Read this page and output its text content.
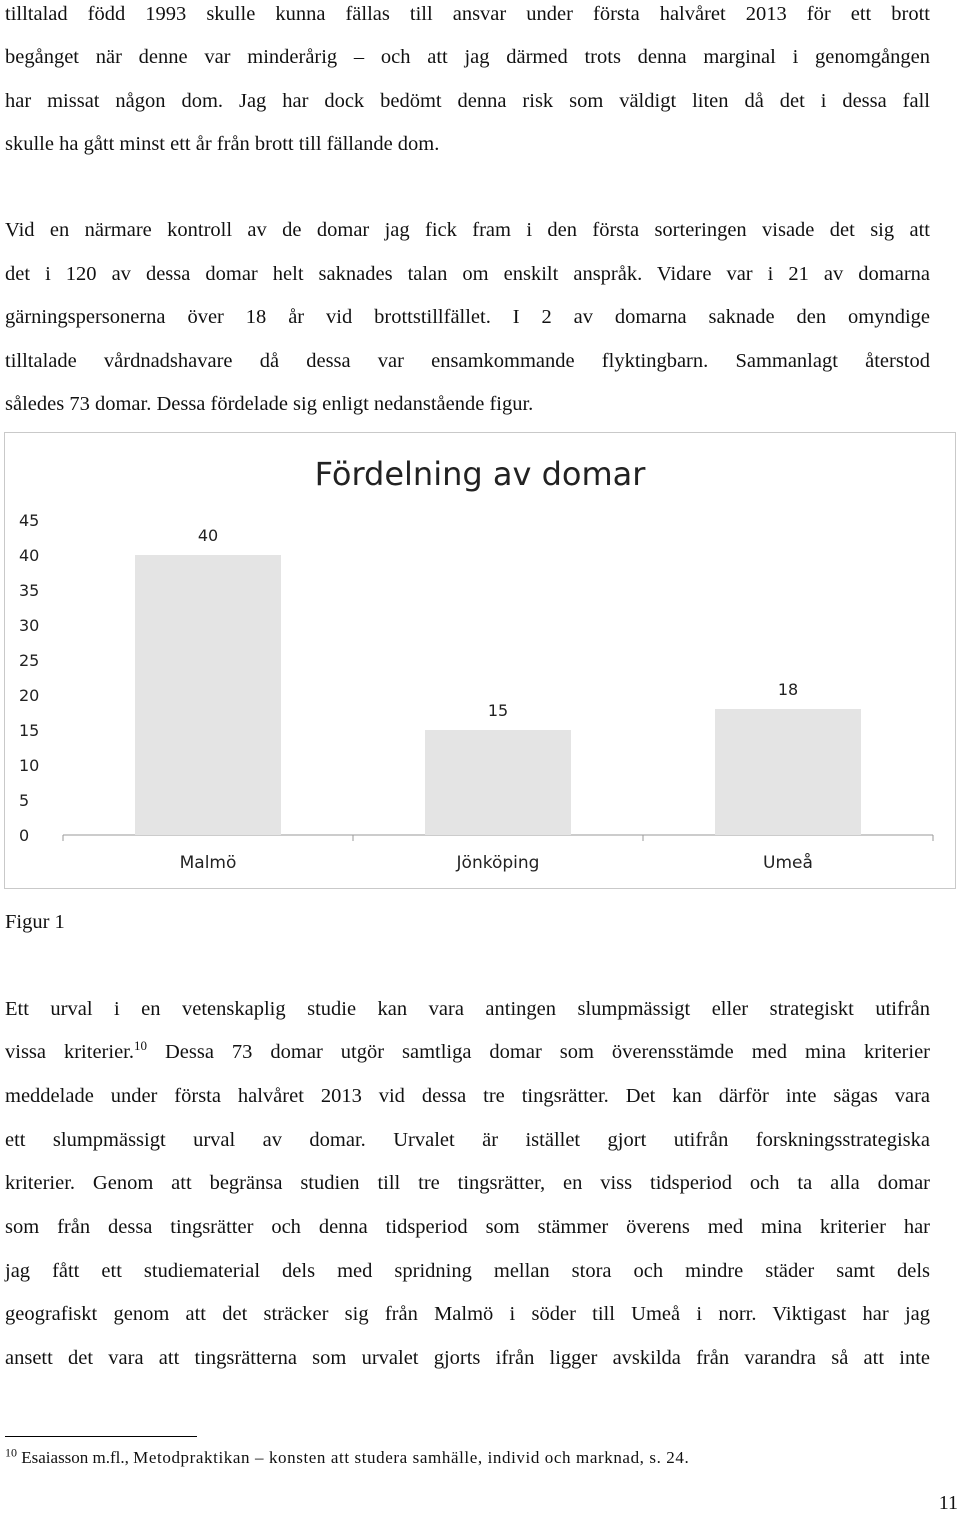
tilltalad född 1993 skulle kunna fällas till ansvar under första halvåret 2013 för ett brott

begånget när denne var minderårig – och att jag därmed trots denna marginal i genomgången

har missat någon dom. Jag har dock bedömt denna risk som väldigt liten då det i dessa fall

skulle ha gått minst ett år från brott till fällande dom.

Vid en närmare kontroll av de domar jag fick fram i den första sorteringen visade det sig att

det i 120 av dessa domar helt saknades talan om enskilt anspråk. Vidare var i 21 av domarna

gärningspersonerna över 18 år vid brottstillfället. I 2 av domarna saknade den omyndige

tilltalade vårdnadshavare då dessa var ensamkommande flyktingbarn. Sammanlagt återstod

således 73 domar. Dessa fördelade sig enligt nedanstående figur.

Fördelning av domar
0
5
10
15
20
25
30
35
40
45
40
15
18
Malmö	Jönköping	Umeå

Figur 1

Ett urval i en vetenskaplig studie kan vara antingen slumpmässigt eller strategiskt utifrån

vissa kriterier.$^{10}$ Dessa 73 domar utgör samtliga domar som överensstämde med mina kriterier

meddelade under första halvåret 2013 vid dessa tre tingsrätter. Det kan därför inte sägas vara

ett slumpmässigt urval av domar. Urvalet är istället gjort utifrån forskningsstrategiska

kriterier. Genom att begränsa studien till tre tingsrätter, en viss tidsperiod och ta alla domar

som från dessa tingsrätter och denna tidsperiod som stämmer överens med mina kriterier har

jag fått ett studiematerial dels med spridning mellan stora och mindre städer samt dels

geografiskt genom att det sträcker sig från Malmö i söder till Umeå i norr. Viktigast har jag

ansett det vara att tingsrätterna som urvalet gjorts ifrån ligger avskilda från varandra så att inte

$^{10}$ Esaiasson m.fl., Metodpraktikan – konsten att studera samhälle, individ och marknad, s. 24.
11
